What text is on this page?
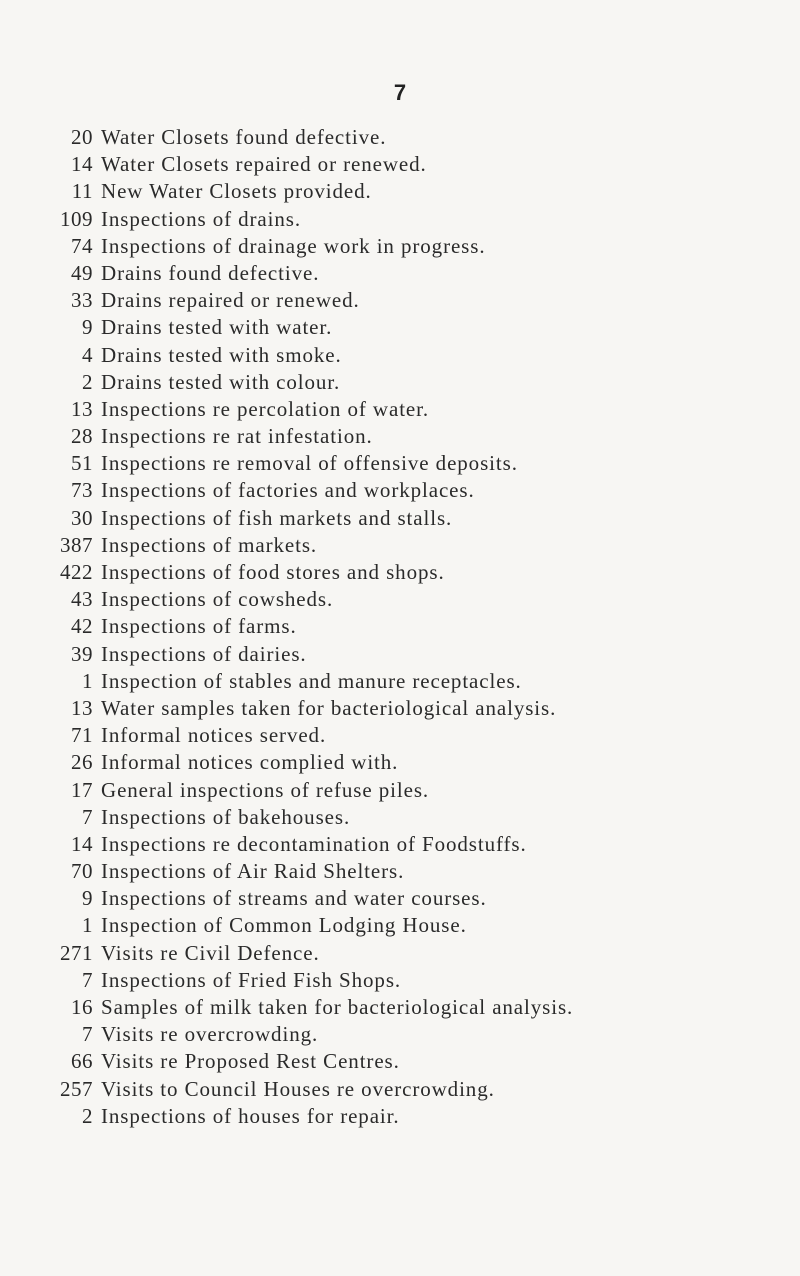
7
20 Water Closets found defective.
14 Water Closets repaired or renewed.
11 New Water Closets provided.
109 Inspections of drains.
74 Inspections of drainage work in progress.
49 Drains found defective.
33 Drains repaired or renewed.
9 Drains tested with water.
4 Drains tested with smoke.
2 Drains tested with colour.
13 Inspections re percolation of water.
28 Inspections re rat infestation.
51 Inspections re removal of offensive deposits.
73 Inspections of factories and workplaces.
30 Inspections of fish markets and stalls.
387 Inspections of markets.
422 Inspections of food stores and shops.
43 Inspections of cowsheds.
42 Inspections of farms.
39 Inspections of dairies.
1 Inspection of stables and manure receptacles.
13 Water samples taken for bacteriological analysis.
71 Informal notices served.
26 Informal notices complied with.
17 General inspections of refuse piles.
7 Inspections of bakehouses.
14 Inspections re decontamination of Foodstuffs.
70 Inspections of Air Raid Shelters.
9 Inspections of streams and water courses.
1 Inspection of Common Lodging House.
271 Visits re Civil Defence.
7 Inspections of Fried Fish Shops.
16 Samples of milk taken for bacteriological analysis.
7 Visits re overcrowding.
66 Visits re Proposed Rest Centres.
257 Visits to Council Houses re overcrowding.
2 Inspections of houses for repair.
